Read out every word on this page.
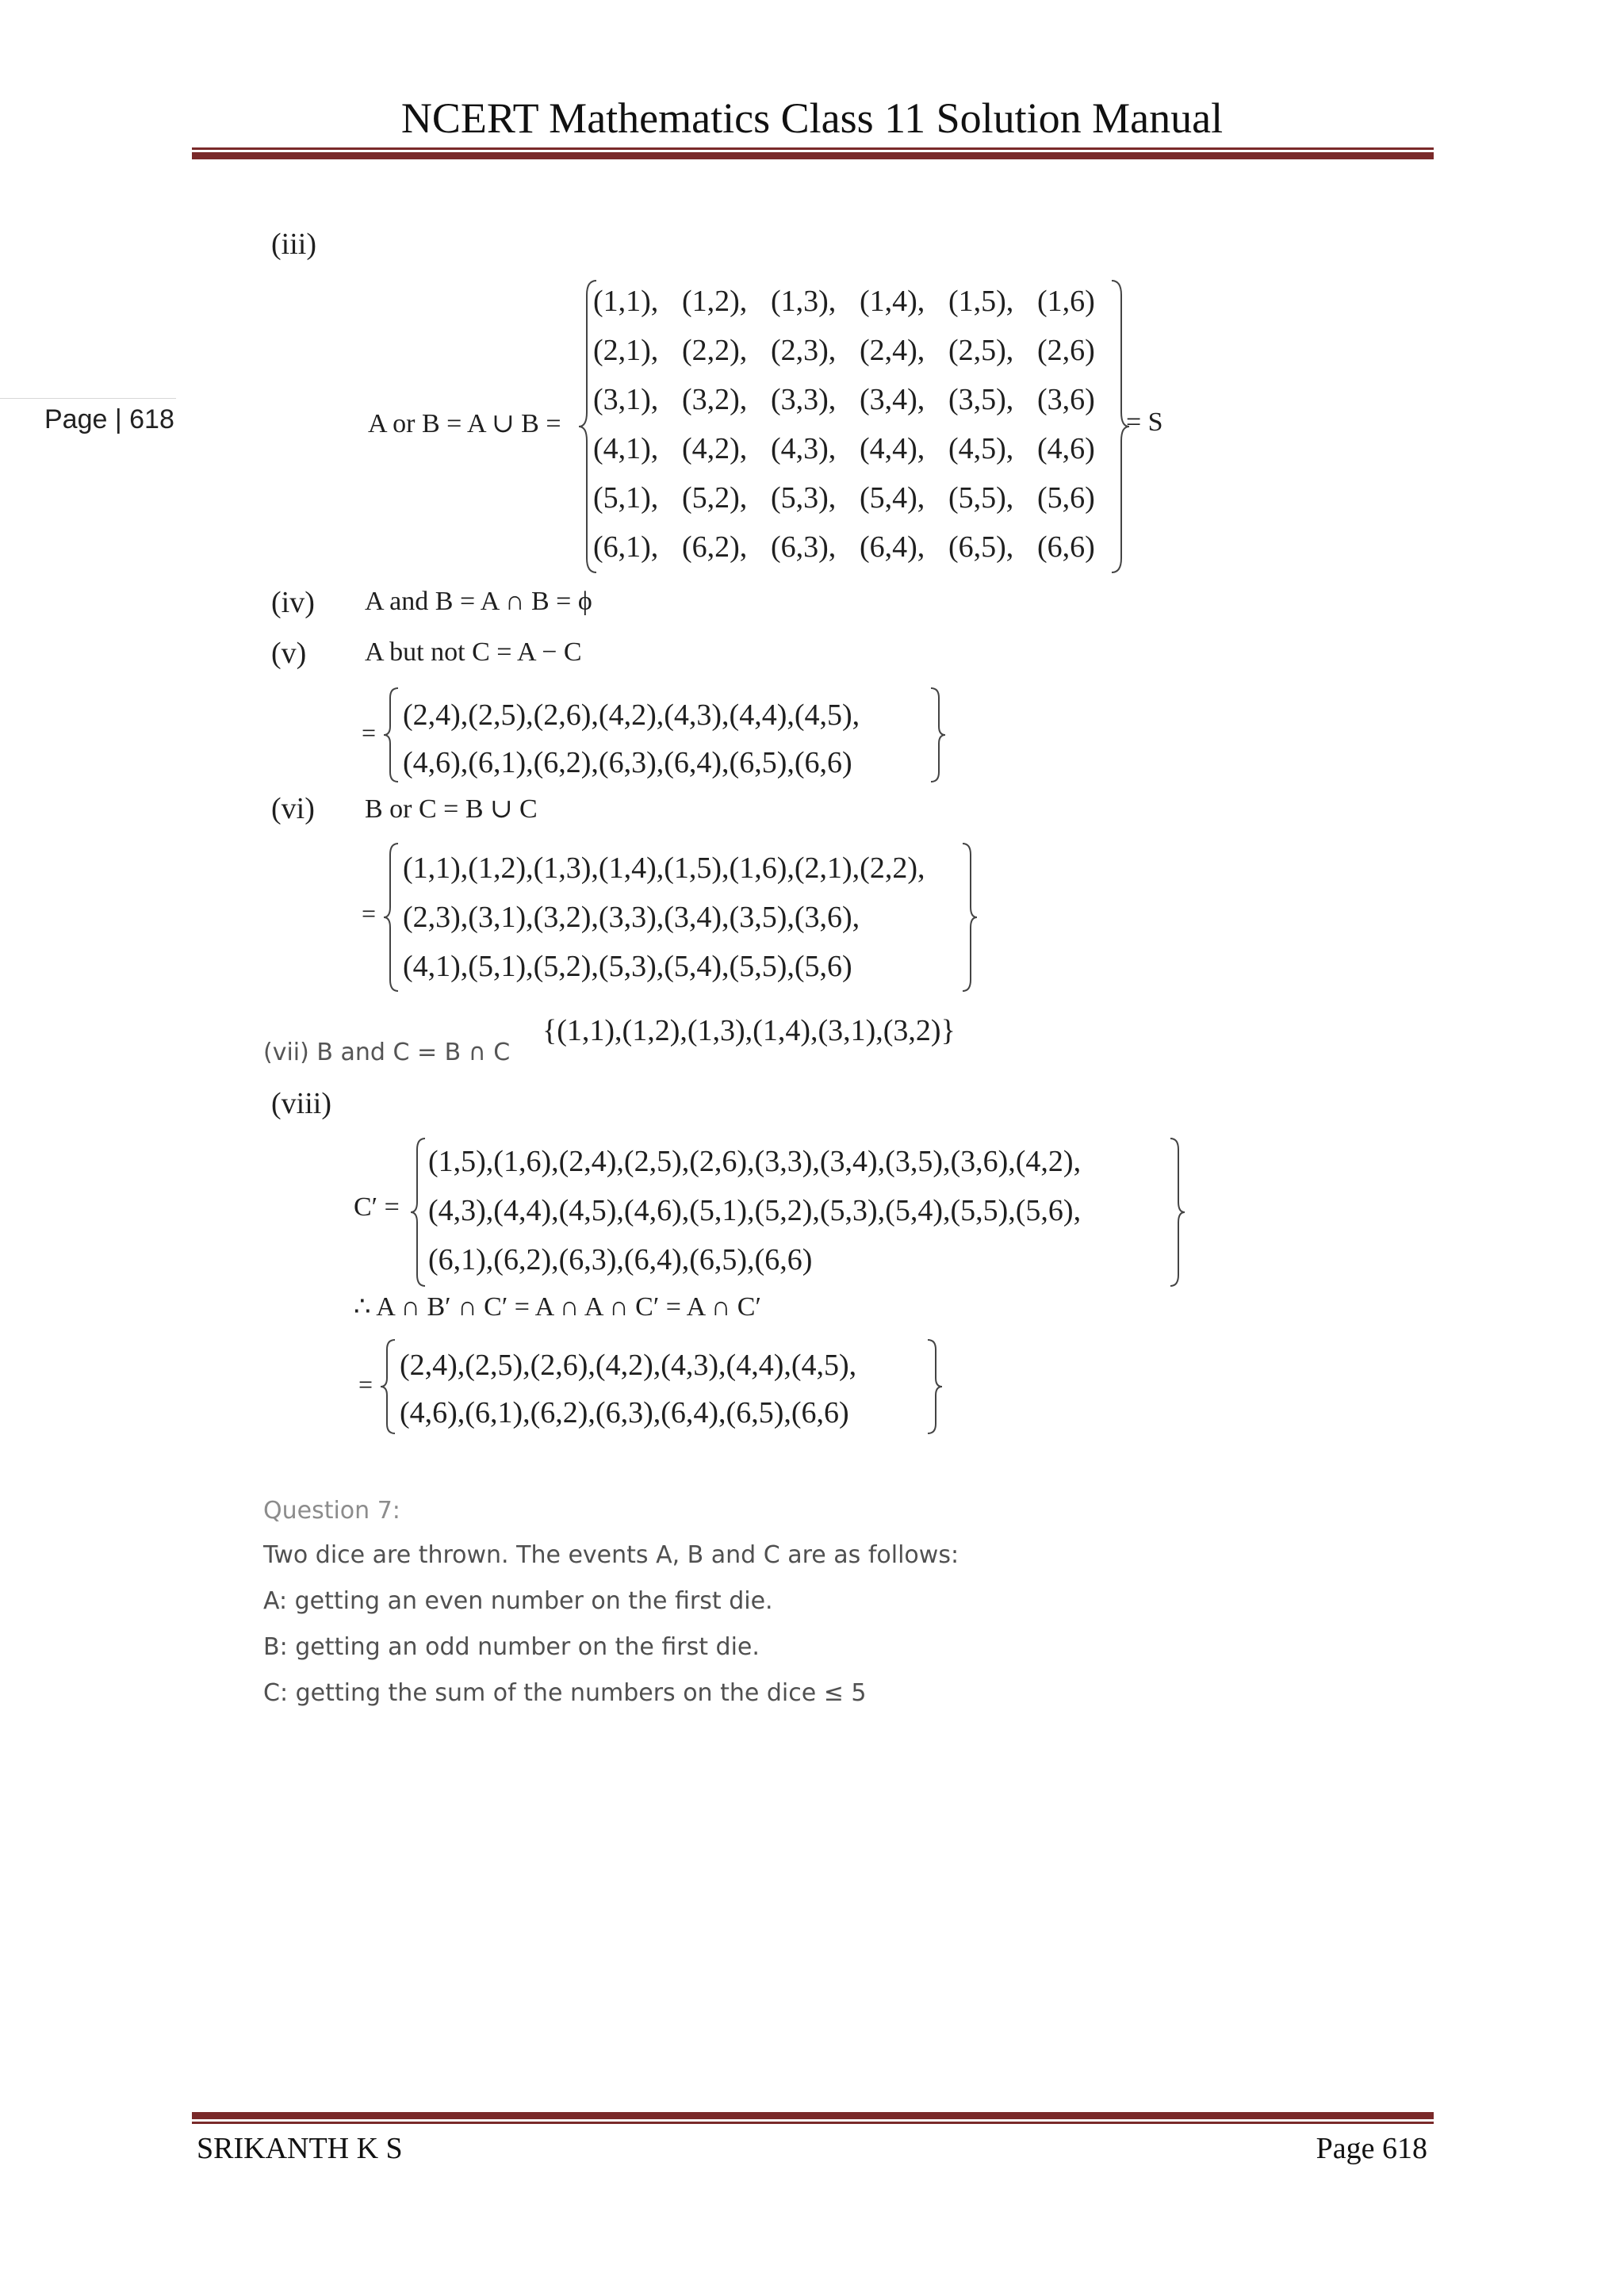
NCERT Mathematics Class 11 Solution Manual
Page | 618
(iii)
A or B = A ∪ B =
(1,1), (1,2), (1,3), (1,4), (1,5), (1,6)
(2,1), (2,2), (2,3), (2,4), (2,5), (2,6)
(3,1), (3,2), (3,3), (3,4), (3,5), (3,6)
(4,1), (4,2), (4,3), (4,4), (4,5), (4,6)
(5,1), (5,2), (5,3), (5,4), (5,5), (5,6)
(6,1), (6,2), (6,3), (6,4), (6,5), (6,6)
= S
(iv) A and B = A ∩ B = ϕ
(v) A but not C = A − C
=
(2,4),(2,5),(2,6),(4,2),(4,3),(4,4),(4,5),
(4,6),(6,1),(6,2),(6,3),(6,4),(6,5),(6,6)
(vi) B or C = B ∪ C
=
(1,1),(1,2),(1,3),(1,4),(1,5),(1,6),(2,1),(2,2),
(2,3),(3,1),(3,2),(3,3),(3,4),(3,5),(3,6),
(4,1),(5,1),(5,2),(5,3),(5,4),(5,5),(5,6)
(vii) B and C = B ∩ C
{(1,1),(1,2),(1,3),(1,4),(3,1),(3,2)}
(viii)
C′ =
(1,5),(1,6),(2,4),(2,5),(2,6),(3,3),(3,4),(3,5),(3,6),(4,2),
(4,3),(4,4),(4,5),(4,6),(5,1),(5,2),(5,3),(5,4),(5,5),(5,6),
(6,1),(6,2),(6,3),(6,4),(6,5),(6,6)
∴ A ∩ B′ ∩ C′ = A ∩ A ∩ C′ = A ∩ C′
=
(2,4),(2,5),(2,6),(4,2),(4,3),(4,4),(4,5),
(4,6),(6,1),(6,2),(6,3),(6,4),(6,5),(6,6)
Question 7:
Two dice are thrown. The events A, B and C are as follows:
A: getting an even number on the first die.
B: getting an odd number on the first die.
C: getting the sum of the numbers on the dice ≤ 5
SRIKANTH K S	Page 618
